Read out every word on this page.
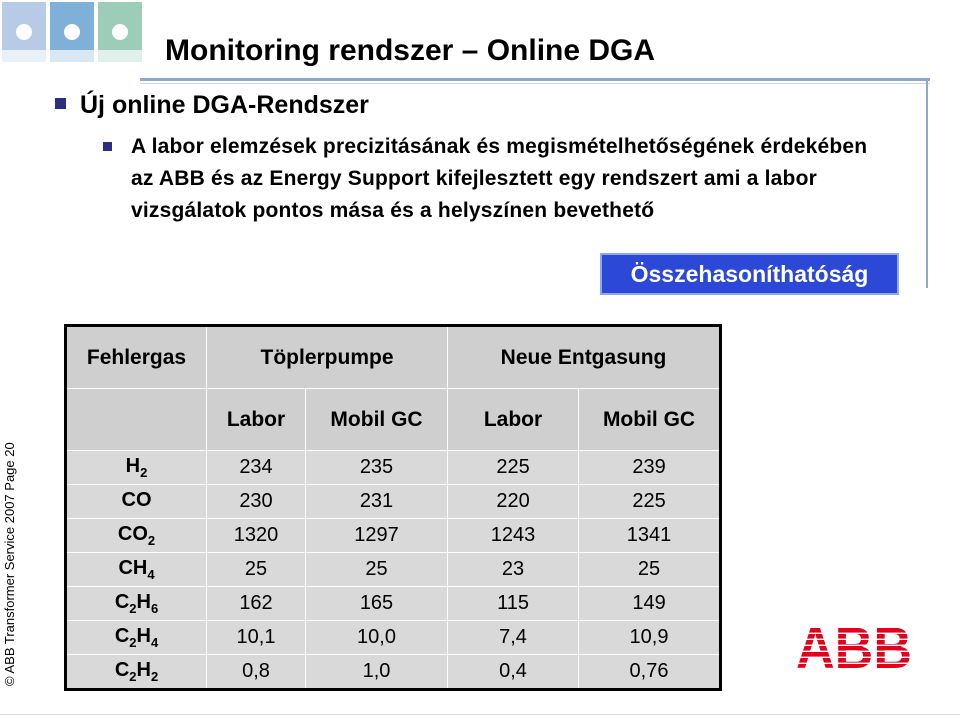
Monitoring rendszer – Online DGA
Új online DGA-Rendszer
A labor elemzések precizitásának és megismételhetőségének érdekében az ABB és az Energy Support kifejlesztett egy rendszert ami a labor vizsgálatok pontos mása és a helyszínen bevethető
Összehasoníthatóság
© ABB Transformer Service 2007 Page 20
Fehlergas	Töplerpumpe		Neue Entgasung	
	Labor	Mobil GC	Labor	Mobil GC
$H_2$	234	235	225	239
CO	230	231	220	225
$CO_2$	1320	1297	1243	1341
$CH_4$	25	25	23	25
$C_2H_6$	162	165	115	149
$C_2H_4$	10,1	10,0	7,4	10,9
$C_2H_2$	0,8	1,0	0,4	0,76 ABB
